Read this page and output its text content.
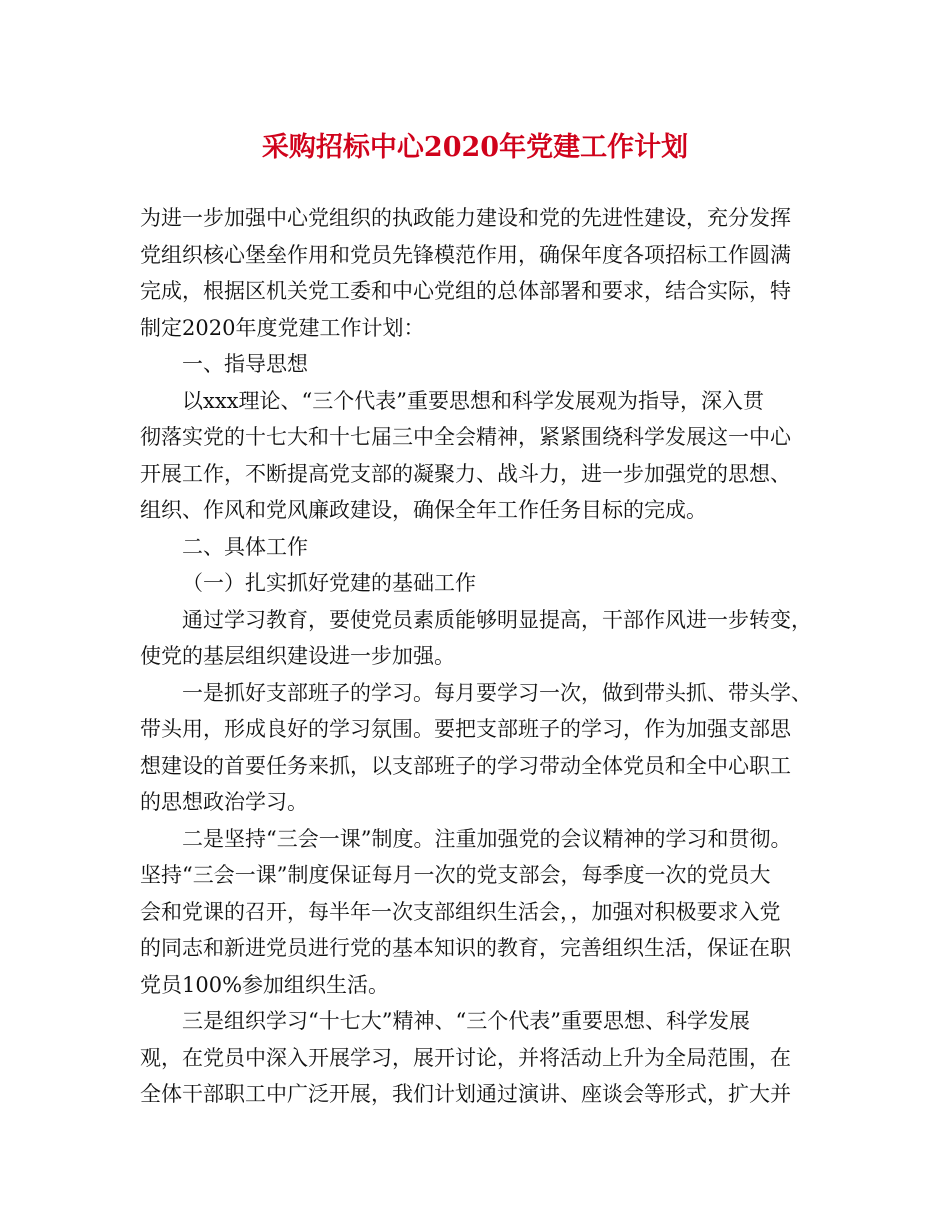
采购招标中心2020年党建工作计划
为进一步加强中心党组织的执政能力建设和党的先进性建设，充分发挥
党组织核心堡垒作用和党员先锋模范作用，确保年度各项招标工作圆满
完成，根据区机关党工委和中心党组的总体部署和要求，结合实际，特
制定2020年度党建工作计划：
一、指导思想
以xxx理论、“三个代表”重要思想和科学发展观为指导，深入贯
彻落实党的十七大和十七届三中全会精神，紧紧围绕科学发展这一中心
开展工作，不断提高党支部的凝聚力、战斗力，进一步加强党的思想、
组织、作风和党风廉政建设，确保全年工作任务目标的完成。
二、具体工作
（一）扎实抓好党建的基础工作
通过学习教育，要使党员素质能够明显提高，干部作风进一步转变，
使党的基层组织建设进一步加强。
一是抓好支部班子的学习。每月要学习一次，做到带头抓、带头学、
带头用，形成良好的学习氛围。要把支部班子的学习，作为加强支部思
想建设的首要任务来抓，以支部班子的学习带动全体党员和全中心职工
的思想政治学习。
二是坚持“三会一课”制度。注重加强党的会议精神的学习和贯彻。
坚持“三会一课”制度保证每月一次的党支部会，每季度一次的党员大
会和党课的召开，每半年一次支部组织生活会，，加强对积极要求入党
的同志和新进党员进行党的基本知识的教育，完善组织生活，保证在职
党员100%参加组织生活。
三是组织学习“十七大”精神、“三个代表”重要思想、科学发展
观，在党员中深入开展学习，展开讨论，并将活动上升为全局范围，在
全体干部职工中广泛开展，我们计划通过演讲、座谈会等形式，扩大并
